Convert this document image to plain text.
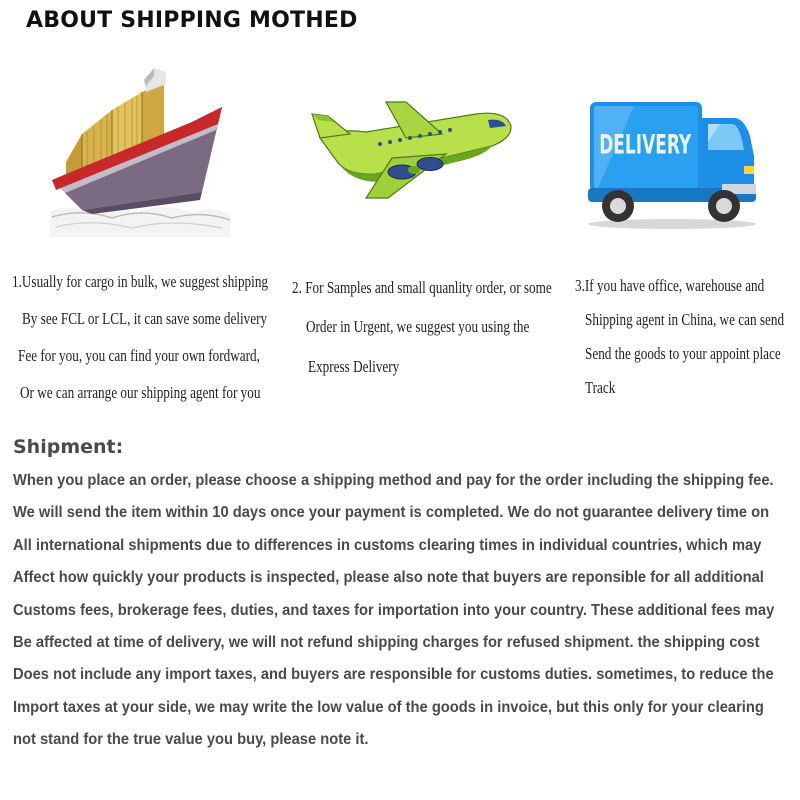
ABOUT SHIPPING MOTHED
DELIVERY
1.Usually for cargo in bulk, we suggest shipping
By see FCL or LCL, it can save some delivery
Fee for you, you can find your own fordward,
Or we can arrange our shipping agent for you
2. For Samples and small quanlity order, or some
Order in Urgent, we suggest you using the
Express Delivery
3.If you have office, warehouse and
Shipping agent in China, we can send
Send the goods to your appoint place
Track
Shipment:
When you place an order, please choose a shipping method and pay for the order including the shipping fee.
We will send the item within 10 days once your payment is completed. We do not guarantee delivery time on
All international shipments due to differences in customs clearing times in individual countries, which may
Affect how quickly your products is inspected, please also note that buyers are reponsible for all additional
Customs fees, brokerage fees, duties, and taxes for importation into your country. These additional fees may
Be affected at time of delivery, we will not refund shipping charges for refused shipment. the shipping cost
Does not include any import taxes, and buyers are responsible for customs duties. sometimes, to reduce the
Import taxes at your side, we may write the low value of the goods in invoice, but this only for your clearing
not stand for the true value you buy, please note it.
